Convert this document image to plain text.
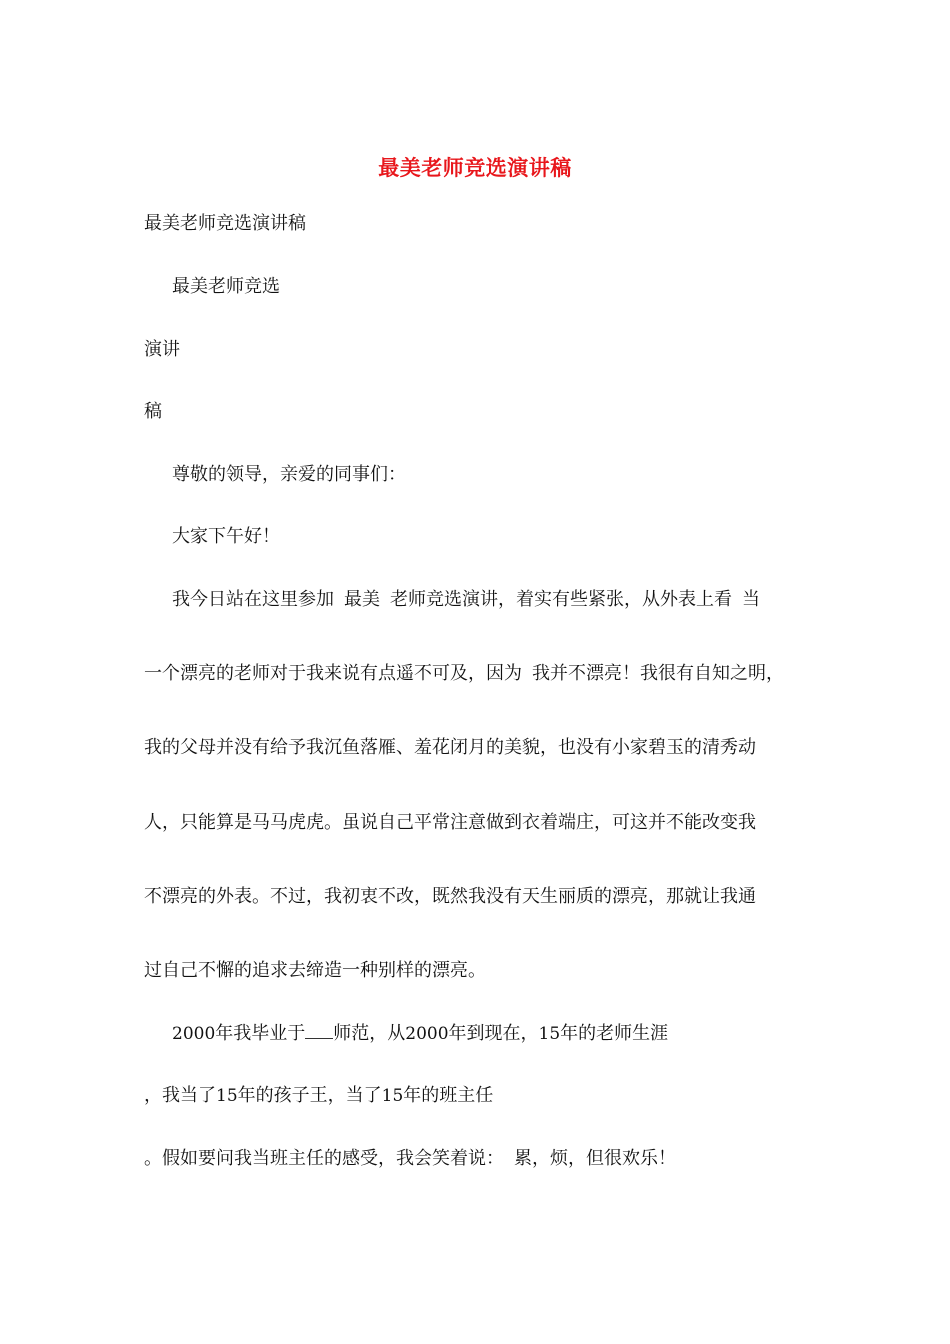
最美老师竞选演讲稿
最美老师竞选演讲稿
最美老师竞选
演讲
稿
尊敬的领导，亲爱的同事们：
大家下午好！
我今日站在这里参加 最美 老师竞选演讲，着实有些紧张，从外表上看 当
一个漂亮的老师对于我来说有点遥不可及，因为 我并不漂亮！我很有自知之明，
我的父母并没有给予我沉鱼落雁、羞花闭月的美貌，也没有小家碧玉的清秀动
人，只能算是马马虎虎。虽说自己平常注意做到衣着端庄，可这并不能改变我
不漂亮的外表。不过，我初衷不改，既然我没有天生丽质的漂亮，那就让我通
过自己不懈的追求去缔造一种别样的漂亮。
2000年我毕业于 师范，从2000年到现在，15年的老师生涯
，我当了15年的孩子王，当了15年的班主任
。假如要问我当班主任的感受，我会笑着说： 累，烦，但很欢乐！
